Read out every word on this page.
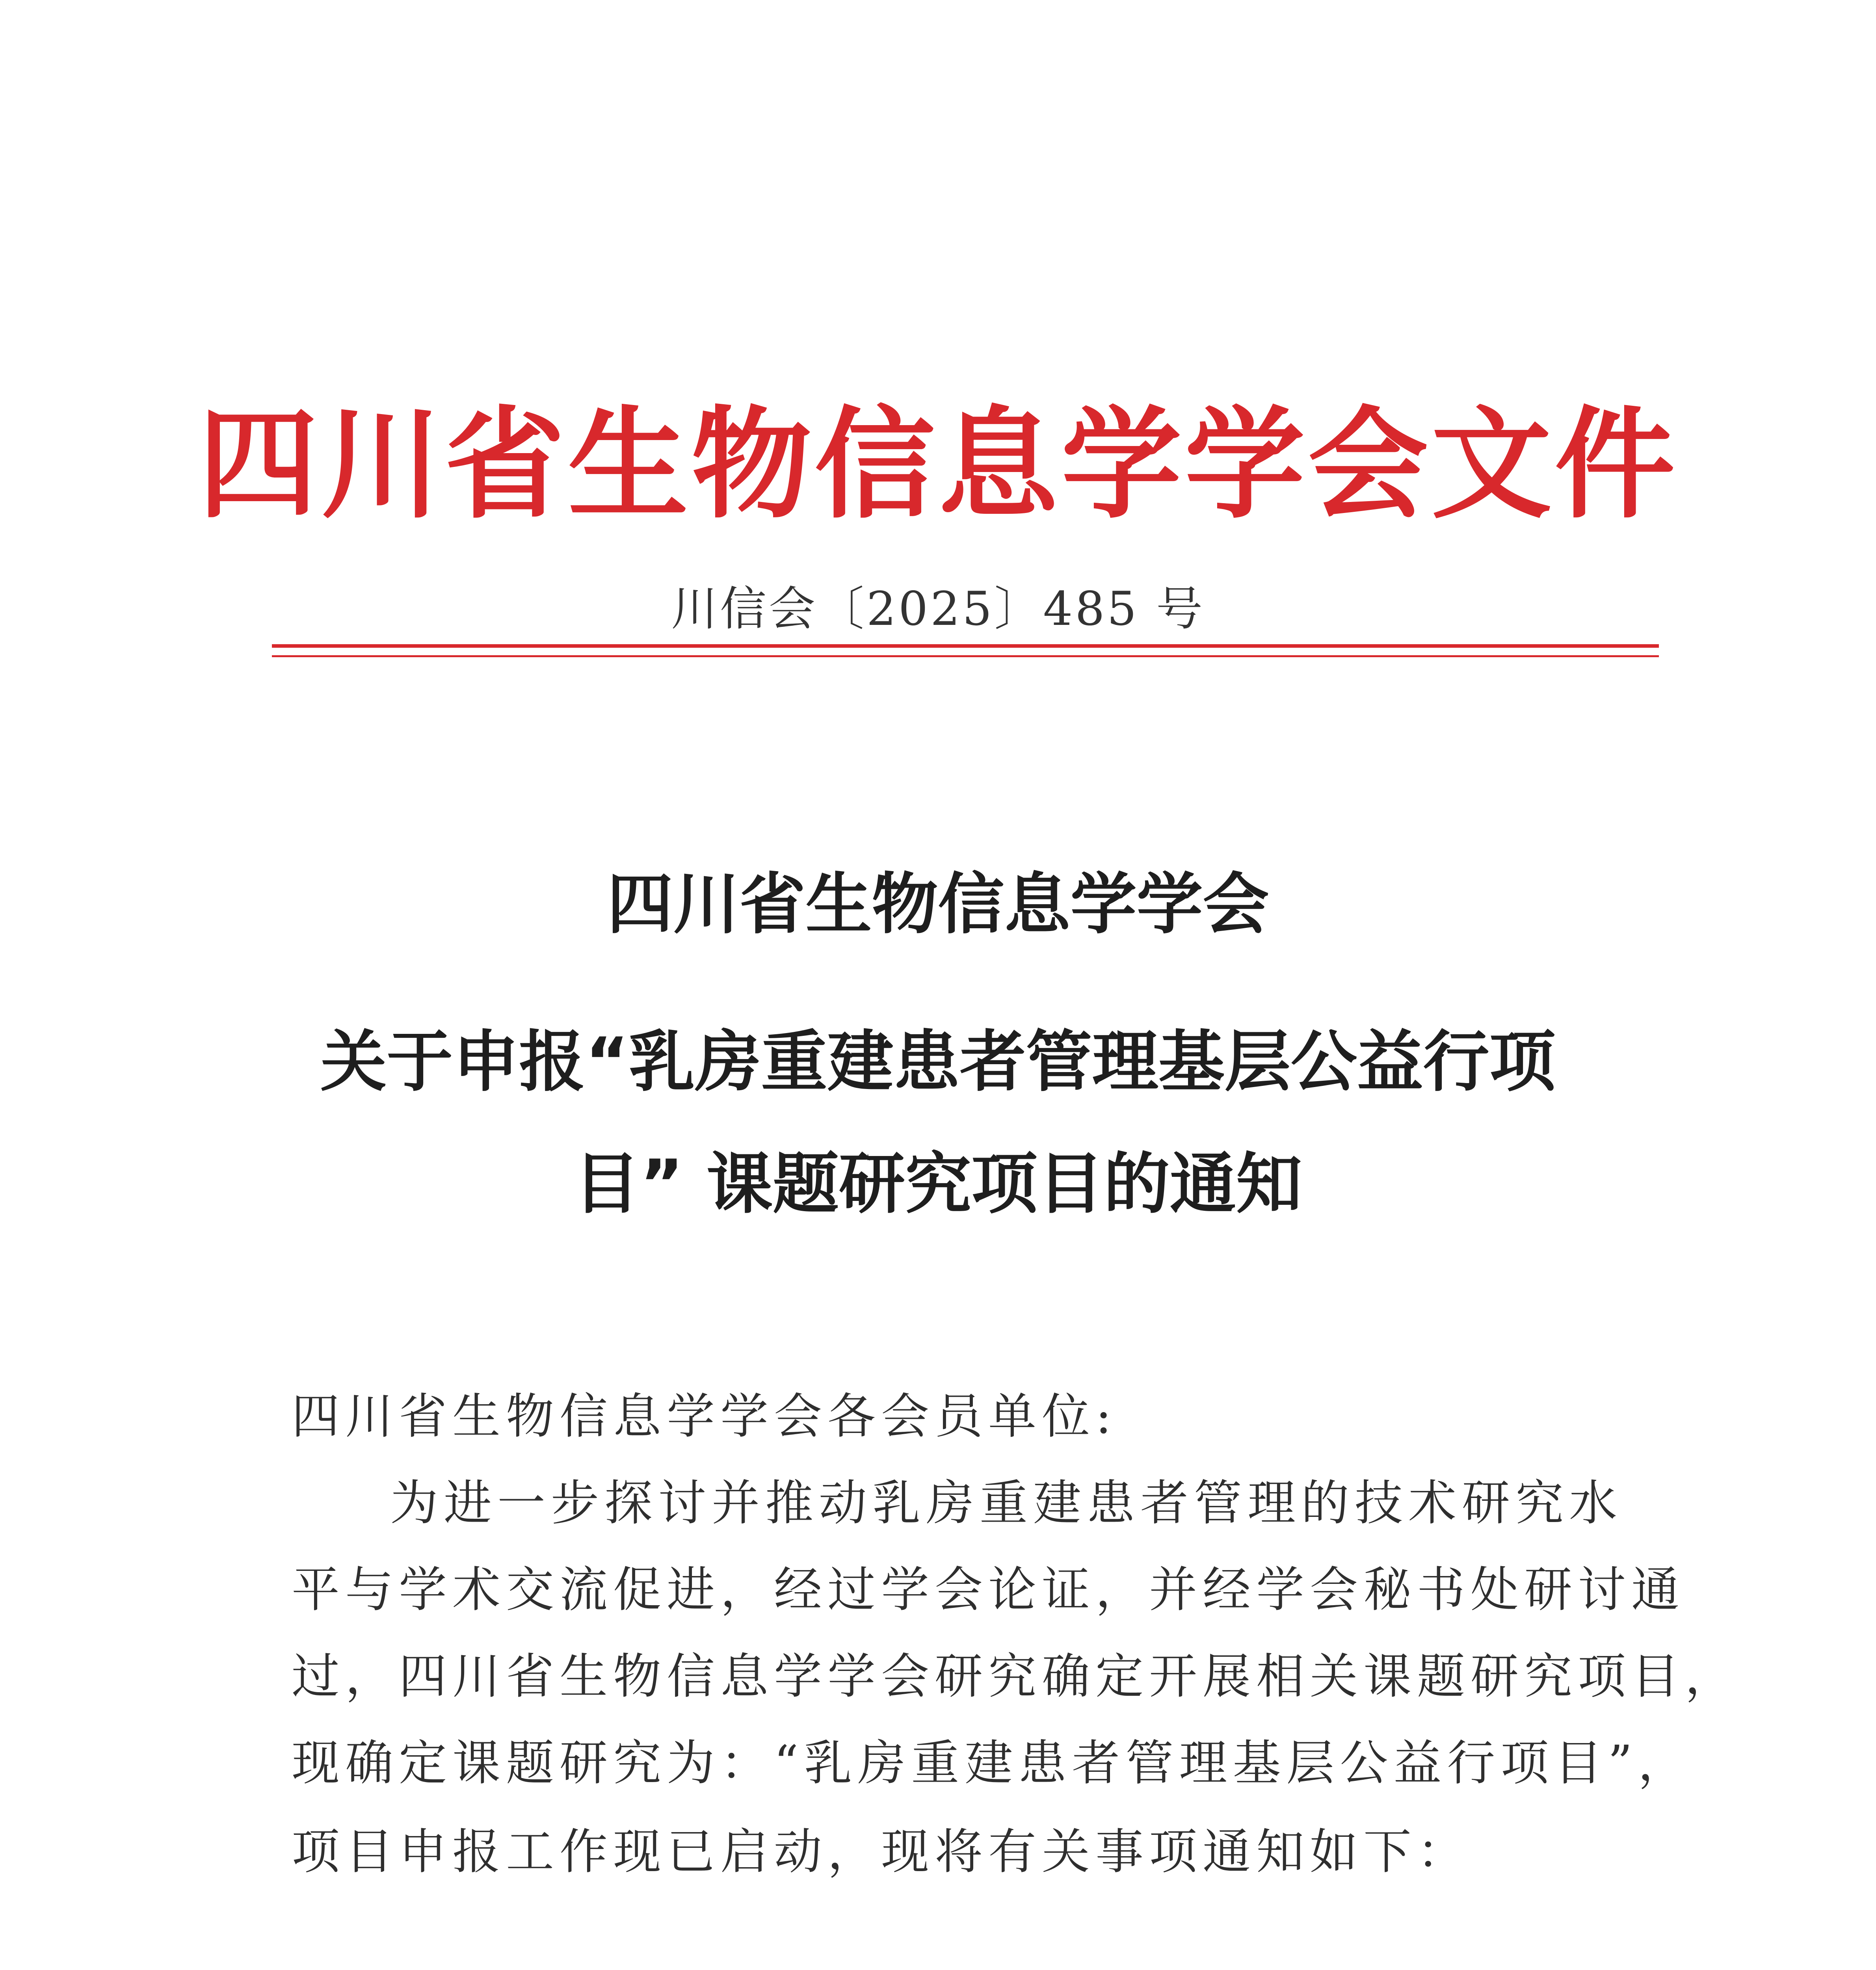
四川省生物信息学学会文件
川信会〔2025〕485 号
四川省生物信息学学会
关于申报“乳房重建患者管理基层公益行项
目” 课题研究项目的通知
四川省生物信息学学会各会员单位:
为进一步探讨并推动乳房重建患者管理的技术研究水
平与学术交流促进，经过学会论证，并经学会秘书处研讨通
过，四川省生物信息学学会研究确定开展相关课题研究项目，
现确定课题研究为：“乳房重建患者管理基层公益行项目”，
项目申报工作现已启动，现将有关事项通知如下：
